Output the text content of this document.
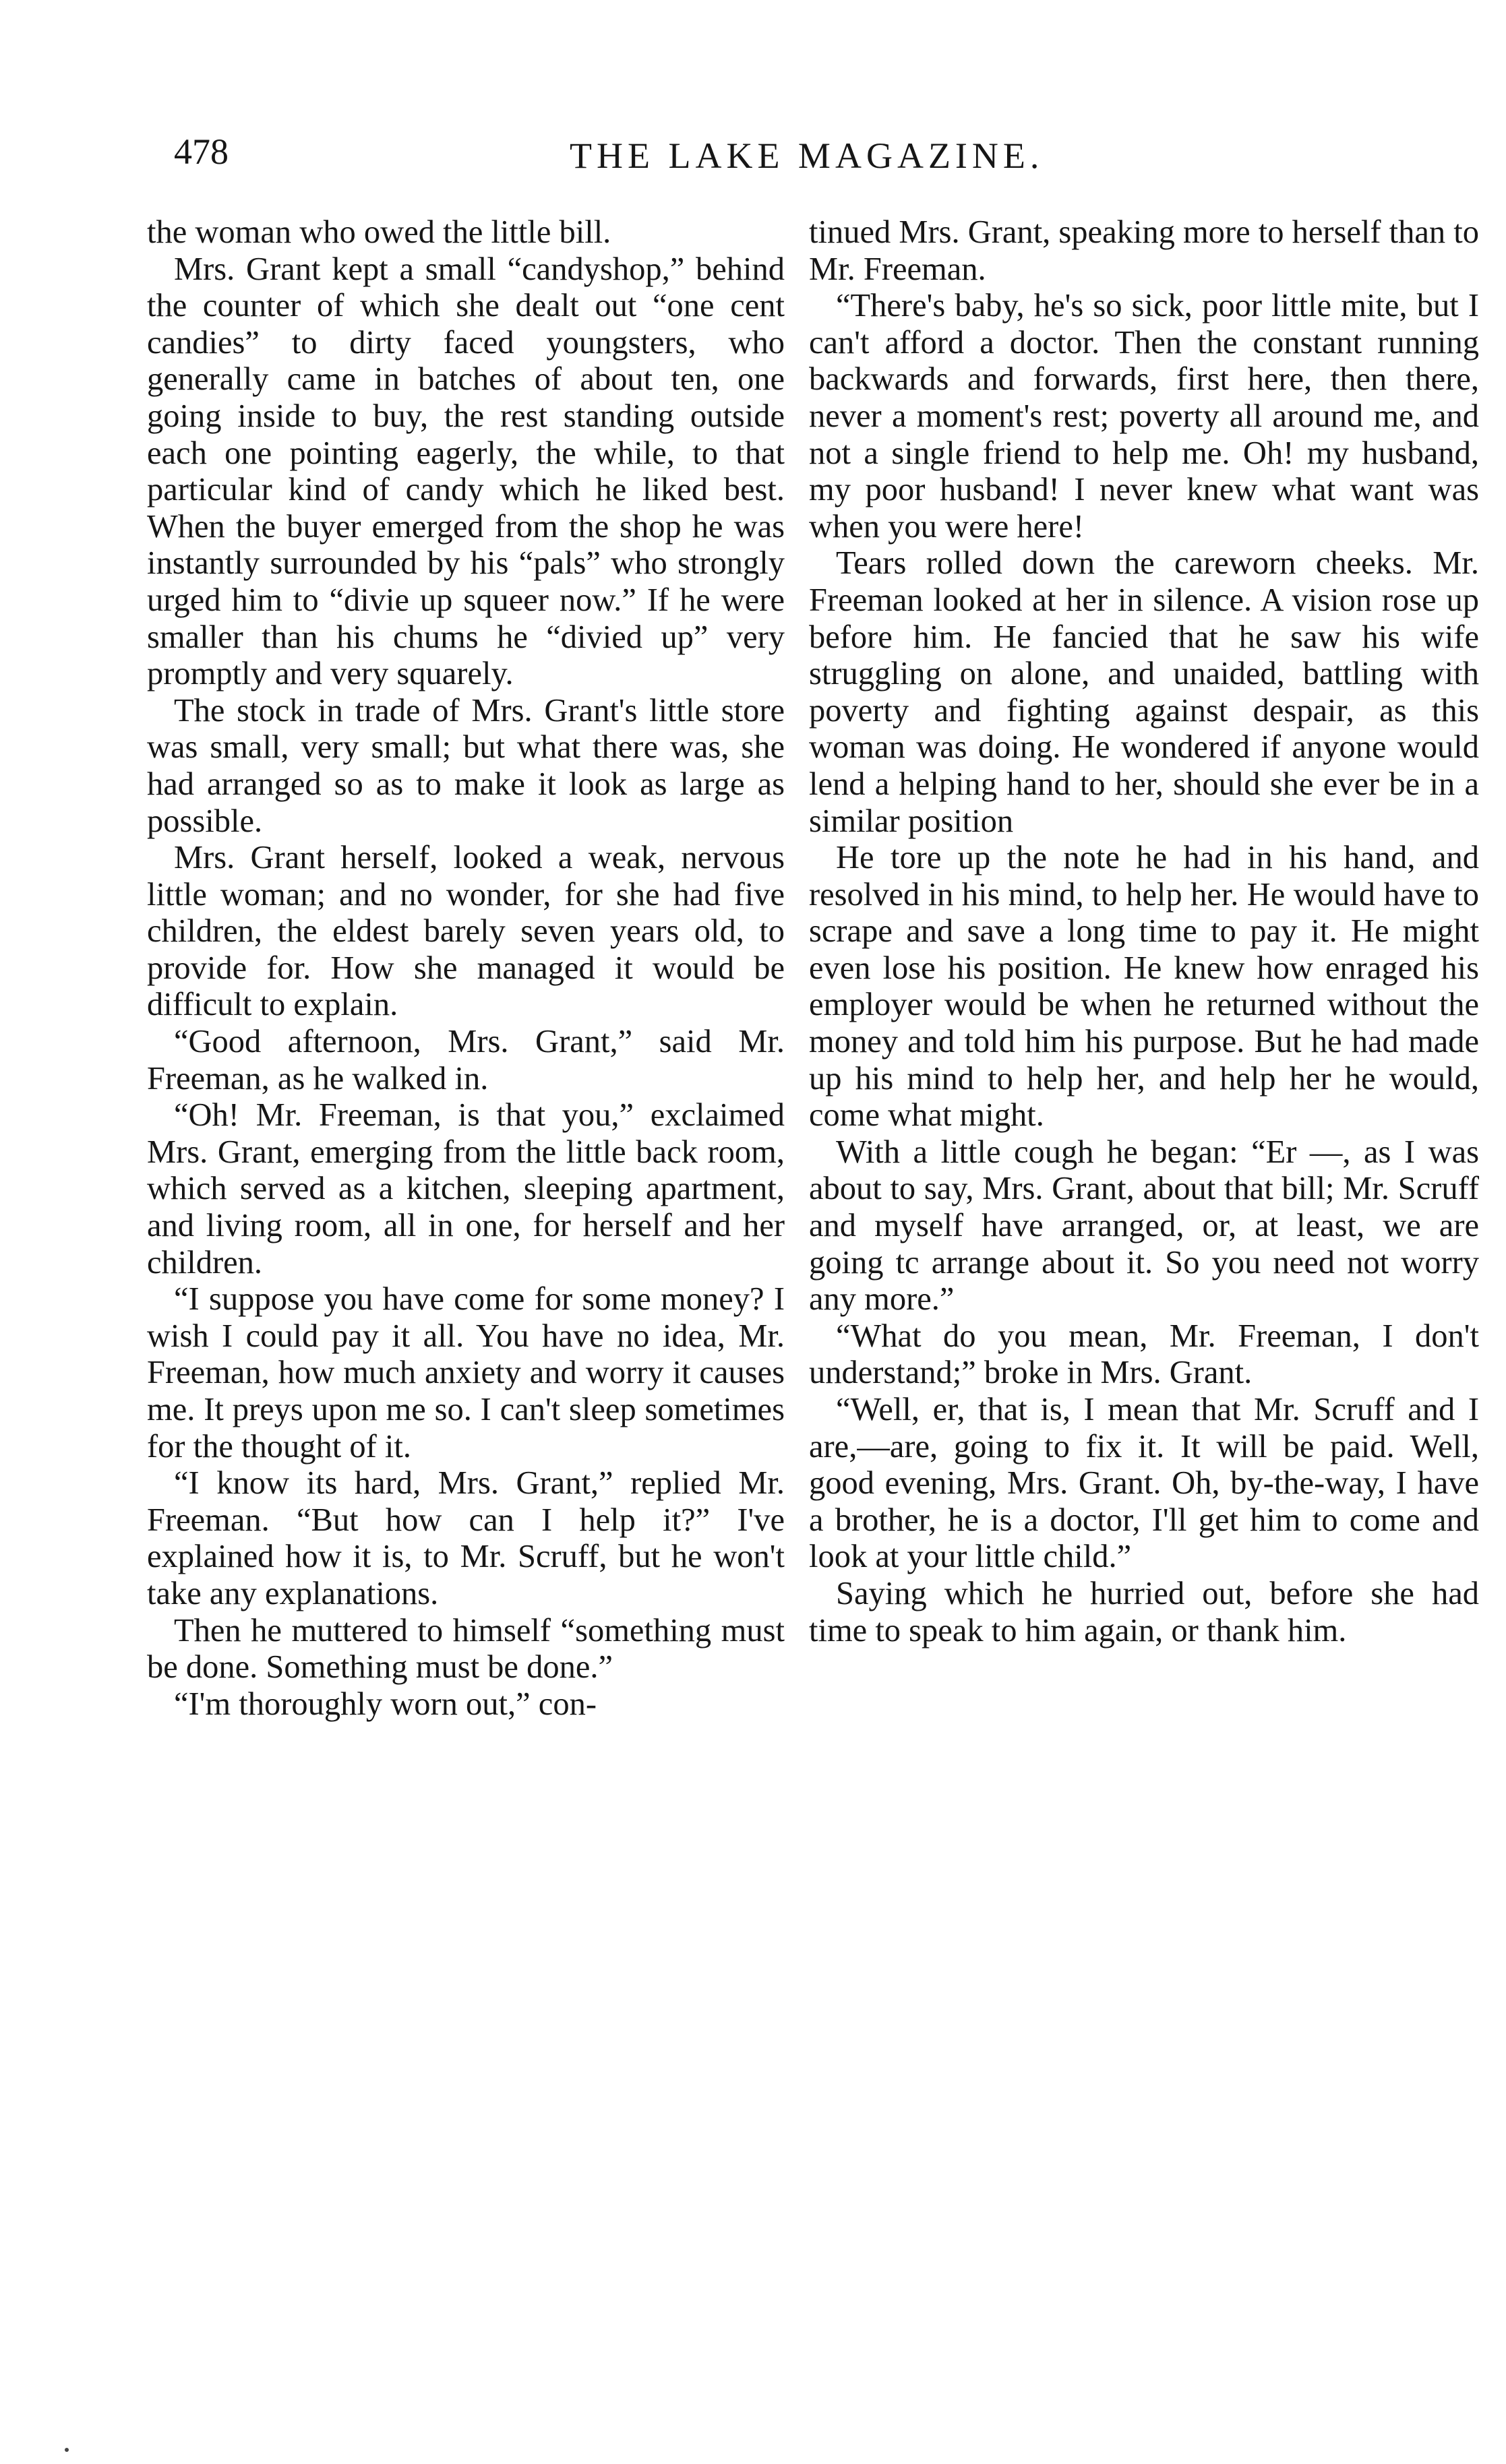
478	THE LAKE MAGAZINE.

the woman who owed the little bill.

Mrs. Grant kept a small “candyshop,” behind the counter of which she dealt out “one cent candies” to dirty faced youngsters, who generally came in batches of about ten, one going inside to buy, the rest standing outside each one pointing eagerly, the while, to that particular kind of candy which he liked best. When the buyer emerged from the shop he was instantly surrounded by his “pals” who strongly urged him to “divie up squeer now.” If he were smaller than his chums he “divied up” very promptly and very squarely.

The stock in trade of Mrs. Grant's little store was small, very small; but what there was, she had arranged so as to make it look as large as possible.

Mrs. Grant herself, looked a weak, nervous little woman; and no wonder, for she had five children, the eldest barely seven years old, to provide for. How she managed it would be difficult to explain.

“Good afternoon, Mrs. Grant,” said Mr. Freeman, as he walked in.

“Oh! Mr. Freeman, is that you,” exclaimed Mrs. Grant, emerging from the little back room, which served as a kitchen, sleeping apartment, and living room, all in one, for herself and her children.

“I suppose you have come for some money? I wish I could pay it all. You have no idea, Mr. Freeman, how much anxiety and worry it causes me. It preys upon me so. I can't sleep sometimes for the thought of it.

“I know its hard, Mrs. Grant,” replied Mr. Freeman. “But how can I help it?” I've explained how it is, to Mr. Scruff, but he won't take any explanations.

Then he muttered to himself “something must be done. Something must be done.”

“I'm thoroughly worn out,” con-

tinued Mrs. Grant, speaking more to herself than to Mr. Freeman.

“There's baby, he's so sick, poor little mite, but I can't afford a doctor. Then the constant running backwards and forwards, first here, then there, never a moment's rest; poverty all around me, and not a single friend to help me. Oh! my husband, my poor husband! I never knew what want was when you were here!

Tears rolled down the careworn cheeks. Mr. Freeman looked at her in silence. A vision rose up before him. He fancied that he saw his wife struggling on alone, and unaided, battling with poverty and fighting against despair, as this woman was doing. He wondered if anyone would lend a helping hand to her, should she ever be in a similar position

He tore up the note he had in his hand, and resolved in his mind, to help her. He would have to scrape and save a long time to pay it. He might even lose his position. He knew how enraged his employer would be when he returned without the money and told him his purpose. But he had made up his mind to help her, and help her he would, come what might.

With a little cough he began: “Er —, as I was about to say, Mrs. Grant, about that bill; Mr. Scruff and myself have arranged, or, at least, we are going tc arrange about it. So you need not worry any more.”

“What do you mean, Mr. Freeman, I don't understand;” broke in Mrs. Grant.

“Well, er, that is, I mean that Mr. Scruff and I are,—are, going to fix it. It will be paid. Well, good evening, Mrs. Grant. Oh, by-the-way, I have a brother, he is a doctor, I'll get him to come and look at your little child.”

Saying which he hurried out, before she had time to speak to him again, or thank him.
